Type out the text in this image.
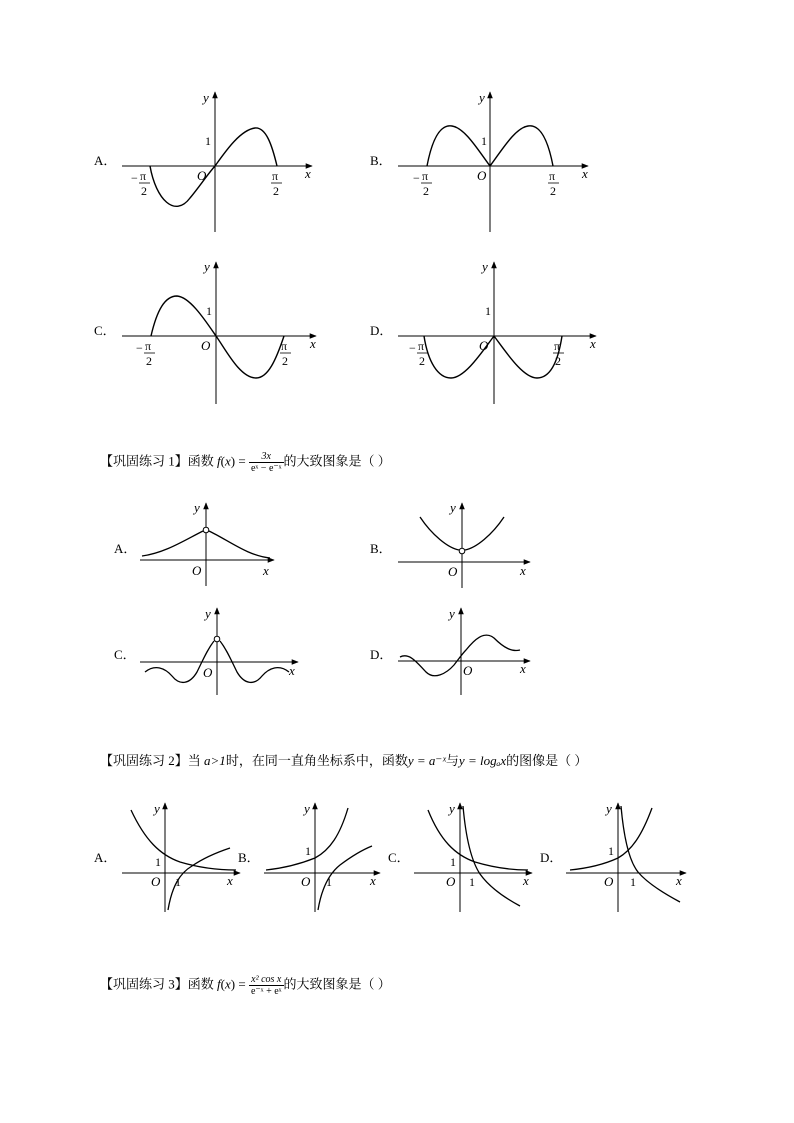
A．
y
x
O
1
− π
2
π
2
B．
y
x
O
1
− π
2
π
2
C．
y
x
O
1
− π
2
π
2
D．
y
x
O
1
− π
2
π
2
A．
y
x
O
B．
y
x
O
C．
y
x
O
D．
y
x
O
A．
y
x
O
1
1
B．
y
x
O
1
1
C．
y
x
O
1
1
D．
y
x
O
1
1
【巩固练习 1】函数 $f(x) = \frac{3x}{\text{eˣ − e⁻ˣ}}$ 的大致图象是（ ）
【巩固练习 2】当 a>1时，在同一直角坐标系中，函数y = a⁻ˣ与y = logₐx的图像是（ ）
【巩固练习 3】函数 $f(x) = \frac{\text{x² cos x}}{\text{e⁻ˣ + eˣ}}$ 的大致图象是（ ）
